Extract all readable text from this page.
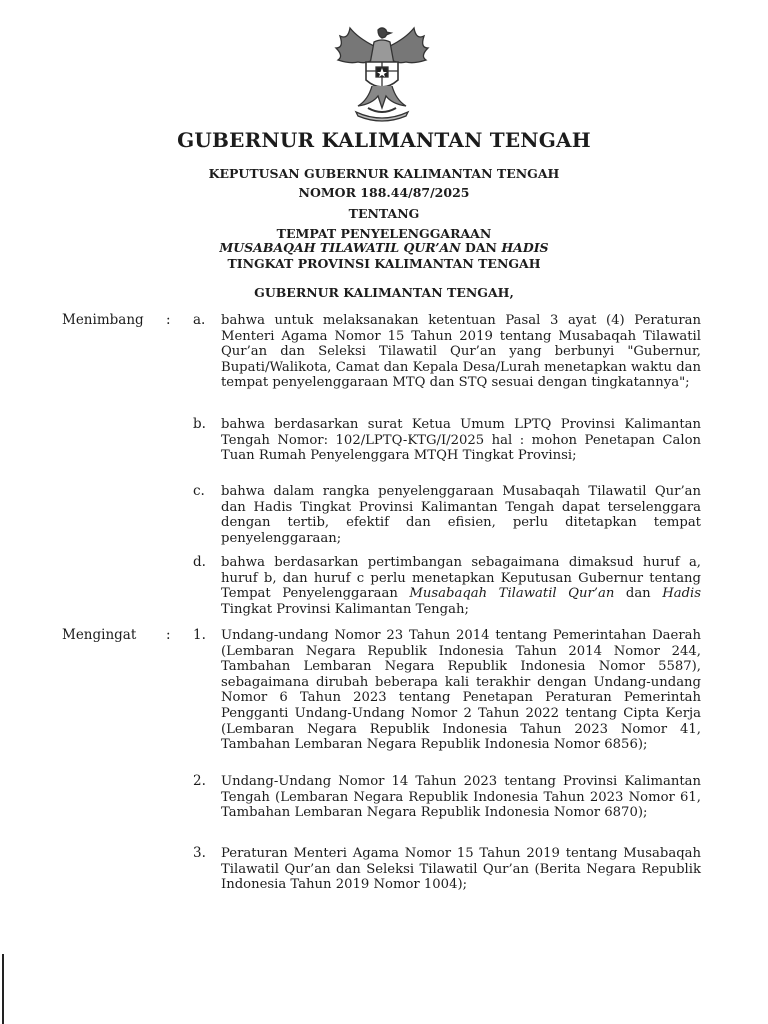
GUBERNUR KALIMANTAN TENGAH
KEPUTUSAN GUBERNUR KALIMANTAN TENGAH
NOMOR 188.44/87/2025
TENTANG
TEMPAT PENYELENGGARAAN
MUSABAQAH TILAWATIL QUR’AN DAN HADIS
TINGKAT PROVINSI KALIMANTAN TENGAH
GUBERNUR KALIMANTAN TENGAH,
Menimbang : a. bahwa untuk melaksanakan ketentuan Pasal 3 ayat (4) Peraturan Menteri Agama Nomor 15 Tahun 2019 tentang Musabaqah Tilawatil Qur’an dan Seleksi Tilawatil Qur’an yang berbunyi "Gubernur, Bupati/Walikota, Camat dan Kepala Desa/Lurah menetapkan waktu dan tempat penyelenggaraan MTQ dan STQ sesuai dengan tingkatannya";
b. bahwa berdasarkan surat Ketua Umum LPTQ Provinsi Kalimantan Tengah Nomor: 102/LPTQ-KTG/I/2025 hal : mohon Penetapan Calon Tuan Rumah Penyelenggara MTQH Tingkat Provinsi;
c. bahwa dalam rangka penyelenggaraan Musabaqah Tilawatil Qur’an dan Hadis Tingkat Provinsi Kalimantan Tengah dapat terselenggara dengan tertib, efektif dan efisien, perlu ditetapkan tempat penyelenggaraan;
d. bahwa berdasarkan pertimbangan sebagaimana dimaksud huruf a, huruf b, dan huruf c perlu menetapkan Keputusan Gubernur tentang Tempat Penyelenggaraan Musabaqah Tilawatil Qur’an dan Hadis Tingkat Provinsi Kalimantan Tengah;
Mengingat : 1. Undang-undang Nomor 23 Tahun 2014 tentang Pemerintahan Daerah (Lembaran Negara Republik Indonesia Tahun 2014 Nomor 244, Tambahan Lembaran Negara Republik Indonesia Nomor 5587), sebagaimana dirubah beberapa kali terakhir dengan Undang-undang Nomor 6 Tahun 2023 tentang Penetapan Peraturan Pemerintah Pengganti Undang-Undang Nomor 2 Tahun 2022 tentang Cipta Kerja (Lembaran Negara Republik Indonesia Tahun 2023 Nomor 41, Tambahan Lembaran Negara Republik Indonesia Nomor 6856);
2. Undang-Undang Nomor 14 Tahun 2023 tentang Provinsi Kalimantan Tengah (Lembaran Negara Republik Indonesia Tahun 2023 Nomor 61, Tambahan Lembaran Negara Republik Indonesia Nomor 6870);
3. Peraturan Menteri Agama Nomor 15 Tahun 2019 tentang Musabaqah Tilawatil Qur’an dan Seleksi Tilawatil Qur’an (Berita Negara Republik Indonesia Tahun 2019 Nomor 1004);
